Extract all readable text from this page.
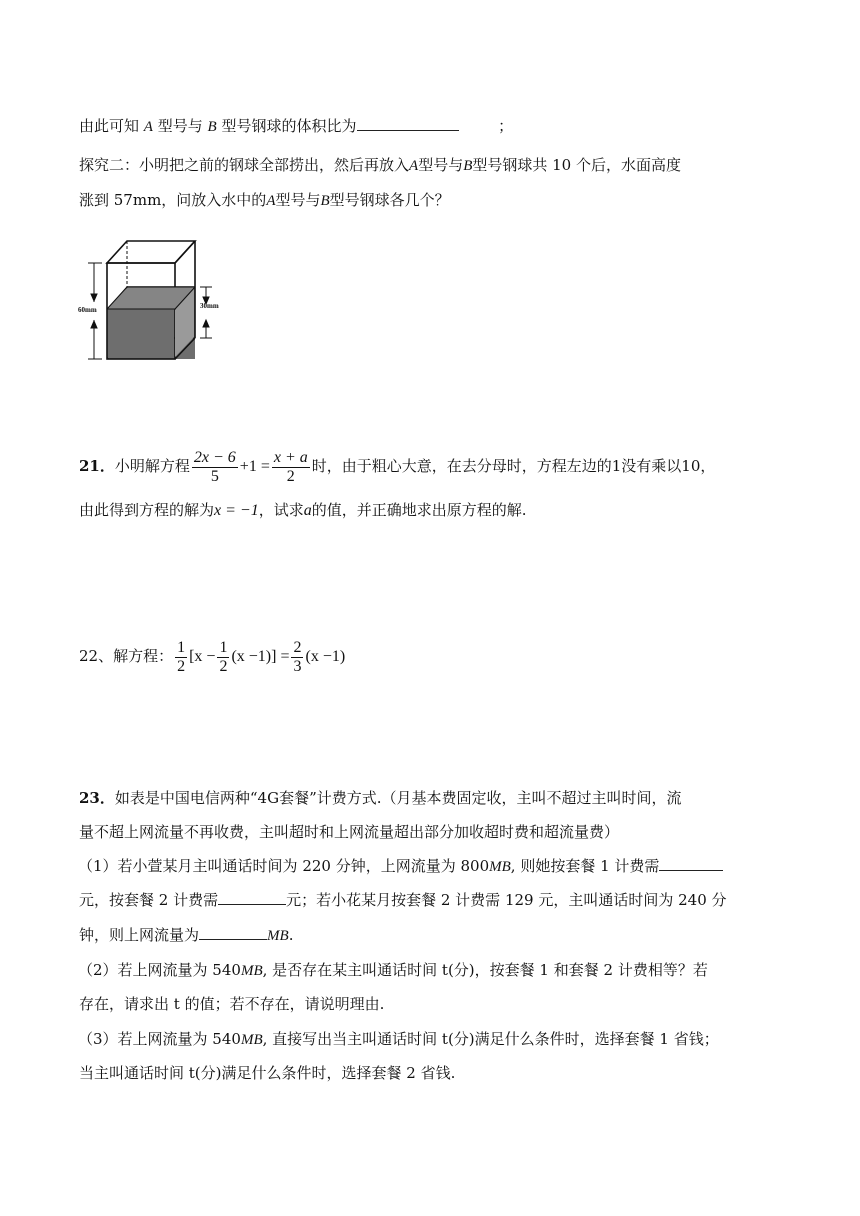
由此可知 A 型号与 B 型号钢球的体积比为	；
探究二：小明把之前的钢球全部捞出，然后再放入A型号与B型号钢球共 10 个后，水面高度
涨到 57mm，问放入水中的A型号与B型号钢球各几个？
60mm	30mm
21．小明解方程 $\frac{2x - 6}{5} +1 = \frac{x + a}{2}$ 时，由于粗心大意，在去分母时，方程左边的1没有乘以10，
由此得到方程的解为x = −1，试求a的值，并正确地求出原方程的解.
22、解方程： $\frac{1}{2} [x - \frac{1}{2} (x -1)] = \frac{2}{3} (x -1)$
23．如表是中国电信两种“4G套餐”计费方式.（月基本费固定收，主叫不超过主叫时间，流
量不超上网流量不再收费，主叫超时和上网流量超出部分加收超时费和超流量费）
（1）若小萱某月主叫通话时间为 220 分钟，上网流量为 800MB, 则她按套餐 1 计费需
元，按套餐 2 计费需	元；若小花某月按套餐 2 计费需 129 元，主叫通话时间为 240 分
钟，则上网流量为	MB.
（2）若上网流量为 540MB, 是否存在某主叫通话时间 t(分)，按套餐 1 和套餐 2 计费相等？若
存在，请求出 t 的值；若不存在，请说明理由.
（3）若上网流量为 540MB, 直接写出当主叫通话时间 t(分)满足什么条件时，选择套餐 1 省钱；
当主叫通话时间 t(分)满足什么条件时，选择套餐 2 省钱.
